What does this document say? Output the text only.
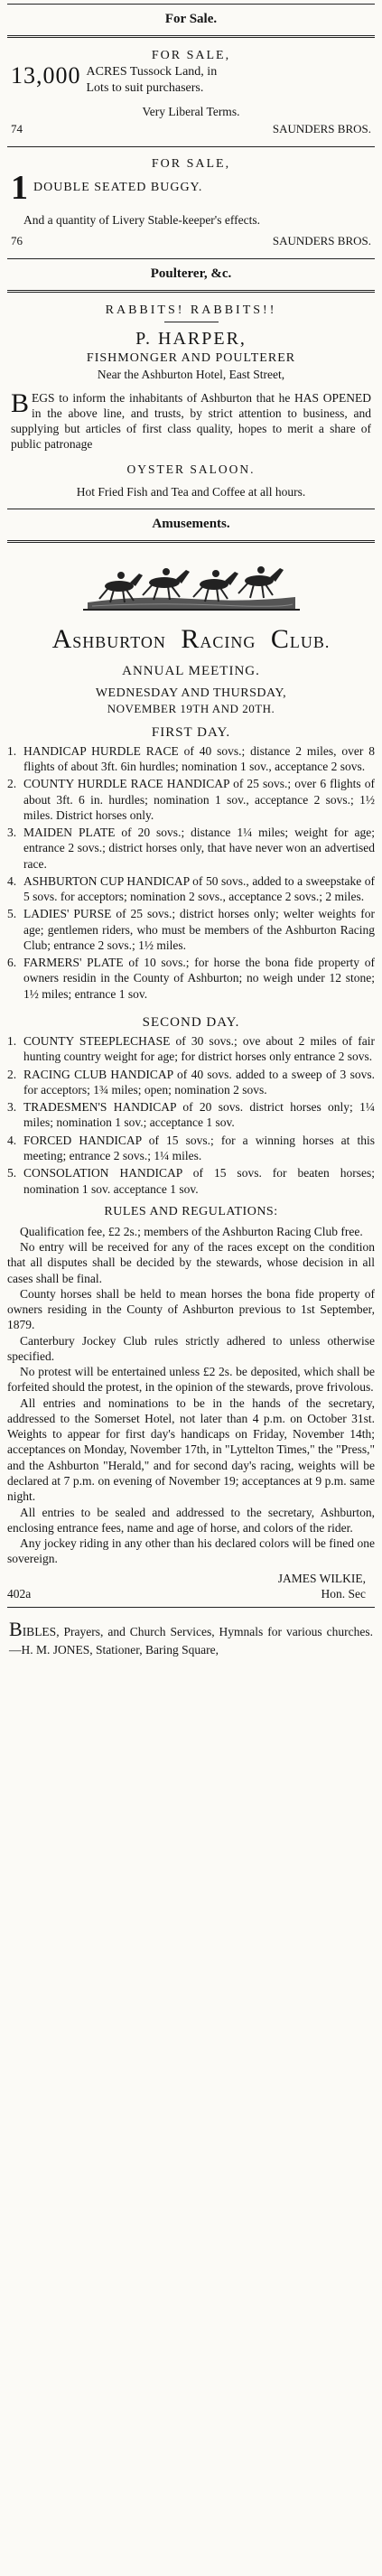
For Sale.
FOR SALE,
13,000 ACRES Tussock Land, in
Lots to suit purchasers.
Very Liberal Terms.
74	SAUNDERS BROS.
FOR SALE,
1 DOUBLE SEATED BUGGY.
And a quantity of Livery Stable-keeper's effects.
76	SAUNDERS BROS.
Poulterer, &c.
RABBITS! RABBITS!!
P. HARPER,
FISHMONGER AND POULTERER
Near the Ashburton Hotel, East Street,
BEGS to inform the inhabitants of Ashburton that he HAS OPENED in the above line, and trusts, by strict attention to business, and supplying but articles of first class quality, hopes to merit a share of public patronage
OYSTER SALOON.
Hot Fried Fish and Tea and Coffee at all hours.
Amusements.
ASHBURTON RACING CLUB.
ANNUAL MEETING.
WEDNESDAY AND THURSDAY,
NOVEMBER 19TH AND 20TH.
FIRST DAY.
1. HANDICAP HURDLE RACE of 40 sovs.; distance 2 miles, over 8 flights of about 3ft. 6in hurdles; nomination 1 sov., acceptance 2 sovs.
2. COUNTY HURDLE RACE HANDICAP of 25 sovs.; over 6 flights of about 3ft. 6 in. hurdles; nomination 1 sov., acceptance 2 sovs.; 1½ miles. District horses only.
3. MAIDEN PLATE of 20 sovs.; distance 1¼ miles; weight for age; entrance 2 sovs.; district horses only, that have never won an advertised race.
4. ASHBURTON CUP HANDICAP of 50 sovs., added to a sweepstake of 5 sovs. for acceptors; nomination 2 sovs., acceptance 2 sovs.; 2 miles.
5. LADIES' PURSE of 25 sovs.; district horses only; welter weights for age; gentlemen riders, who must be members of the Ashburton Racing Club; entrance 2 sovs.; 1½ miles.
6. FARMERS' PLATE of 10 sovs.; for horse the bona fide property of owners residin in the County of Ashburton; no weigh under 12 stone; 1½ miles; entrance 1 sov.
SECOND DAY.
1. COUNTY STEEPLECHASE of 30 sovs.; ove about 2 miles of fair hunting country weight for age; for district horses only entrance 2 sovs.
2. RACING CLUB HANDICAP of 40 sovs. added to a sweep of 3 sovs. for acceptors; 1¾ miles; open; nomination 2 sovs.
3. TRADESMEN'S HANDICAP of 20 sovs. district horses only; 1¼ miles; nomination 1 sov.; acceptance 1 sov.
4. FORCED HANDICAP of 15 sovs.; for a winning horses at this meeting; entrance 2 sovs.; 1¼ miles.
5. CONSOLATION HANDICAP of 15 sovs. for beaten horses; nomination 1 sov. acceptance 1 sov.
RULES AND REGULATIONS:

Qualification fee, £2 2s.; members of the Ashburton Racing Club free.

No entry will be received for any of the races except on the condition that all disputes shall be decided by the stewards, whose decision in all cases shall be final.

County horses shall be held to mean horses the bona fide property of owners residing in the County of Ashburton previous to 1st September, 1879.

Canterbury Jockey Club rules strictly adhered to unless otherwise specified.

No protest will be entertained unless £2 2s. be deposited, which shall be forfeited should the protest, in the opinion of the stewards, prove frivolous.

All entries and nominations to be in the hands of the secretary, addressed to the Somerset Hotel, not later than 4 p.m. on October 31st. Weights to appear for first day's handicaps on Friday, November 14th; acceptances on Monday, November 17th, in "Lyttelton Times," the "Press," and the Ashburton "Herald," and for second day's racing, weights will be declared at 7 p.m. on evening of November 19; acceptances at 9 p.m. same night.

All entries to be sealed and addressed to the secretary, Ashburton, enclosing entrance fees, name and age of horse, and colors of the rider.

Any jockey riding in any other than his declared colors will be fined one sovereign.

JAMES WILKIE,
402a	Hon. Sec
BIBLES, Prayers, and Church Services, Hymnals for various churches.—H. M. JONES, Stationer, Baring Square,
